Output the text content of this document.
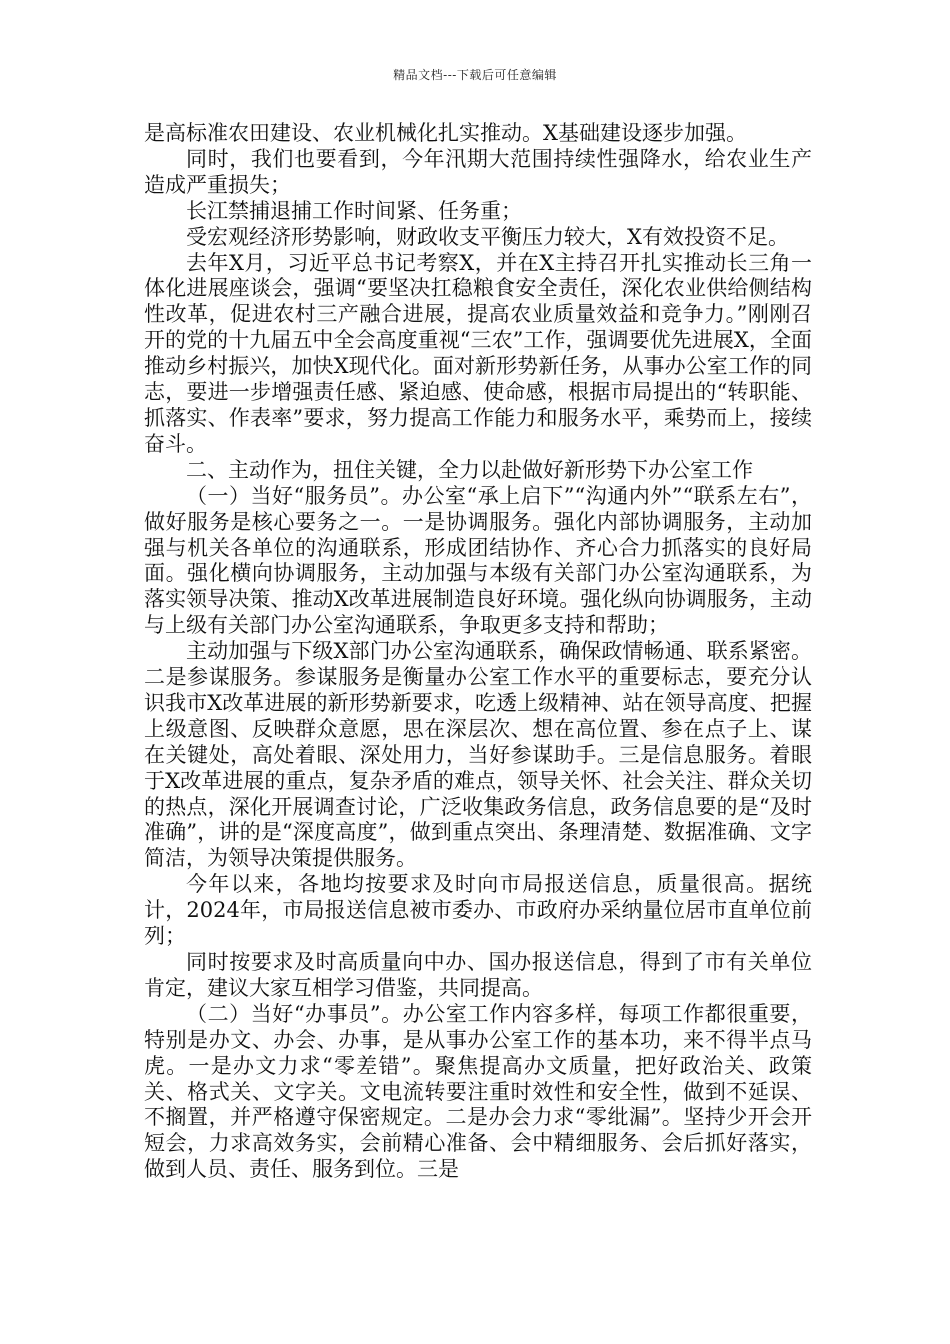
精品文档---下载后可任意编辑

是高标准农田建设、农业机械化扎实推动。X基础建设逐步加强。

同时，我们也要看到，今年汛期大范围持续性强降水，给农业生产造成严重损失；

长江禁捕退捕工作时间紧、任务重；

受宏观经济形势影响，财政收支平衡压力较大，X有效投资不足。

去年X月，习近平总书记考察X，并在X主持召开扎实推动长三角一体化进展座谈会，强调“要坚决扛稳粮食安全责任，深化农业供给侧结构性改革，促进农村三产融合进展，提高农业质量效益和竞争力。”刚刚召开的党的十九届五中全会高度重视“三农”工作，强调要优先进展X，全面推动乡村振兴，加快X现代化。面对新形势新任务，从事办公室工作的同志，要进一步增强责任感、紧迫感、使命感，根据市局提出的“转职能、抓落实、作表率”要求，努力提高工作能力和服务水平，乘势而上，接续奋斗。

二、主动作为，扭住关键，全力以赴做好新形势下办公室工作

（一）当好“服务员”。办公室“承上启下”“沟通内外”“联系左右”，做好服务是核心要务之一。一是协调服务。强化内部协调服务，主动加强与机关各单位的沟通联系，形成团结协作、齐心合力抓落实的良好局面。强化横向协调服务，主动加强与本级有关部门办公室沟通联系，为落实领导决策、推动X改革进展制造良好环境。强化纵向协调服务，主动与上级有关部门办公室沟通联系，争取更多支持和帮助；

主动加强与下级X部门办公室沟通联系，确保政情畅通、联系紧密。二是参谋服务。参谋服务是衡量办公室工作水平的重要标志，要充分认识我市X改革进展的新形势新要求，吃透上级精神、站在领导高度、把握上级意图、反映群众意愿，思在深层次、想在高位置、参在点子上、谋在关键处，高处着眼、深处用力，当好参谋助手。三是信息服务。着眼于X改革进展的重点，复杂矛盾的难点，领导关怀、社会关注、群众关切的热点，深化开展调查讨论，广泛收集政务信息，政务信息要的是“及时准确”，讲的是“深度高度”，做到重点突出、条理清楚、数据准确、文字简洁，为领导决策提供服务。

今年以来，各地均按要求及时向市局报送信息，质量很高。据统计，2024年，市局报送信息被市委办、市政府办采纳量位居市直单位前列；

同时按要求及时高质量向中办、国办报送信息，得到了市有关单位肯定，建议大家互相学习借鉴，共同提高。

（二）当好“办事员”。办公室工作内容多样，每项工作都很重要，特别是办文、办会、办事，是从事办公室工作的基本功，来不得半点马虎。一是办文力求“零差错”。聚焦提高办文质量，把好政治关、政策关、格式关、文字关。文电流转要注重时效性和安全性，做到不延误、不搁置，并严格遵守保密规定。二是办会力求“零纰漏”。坚持少开会开短会，力求高效务实，会前精心准备、会中精细服务、会后抓好落实，做到人员、责任、服务到位。三是
